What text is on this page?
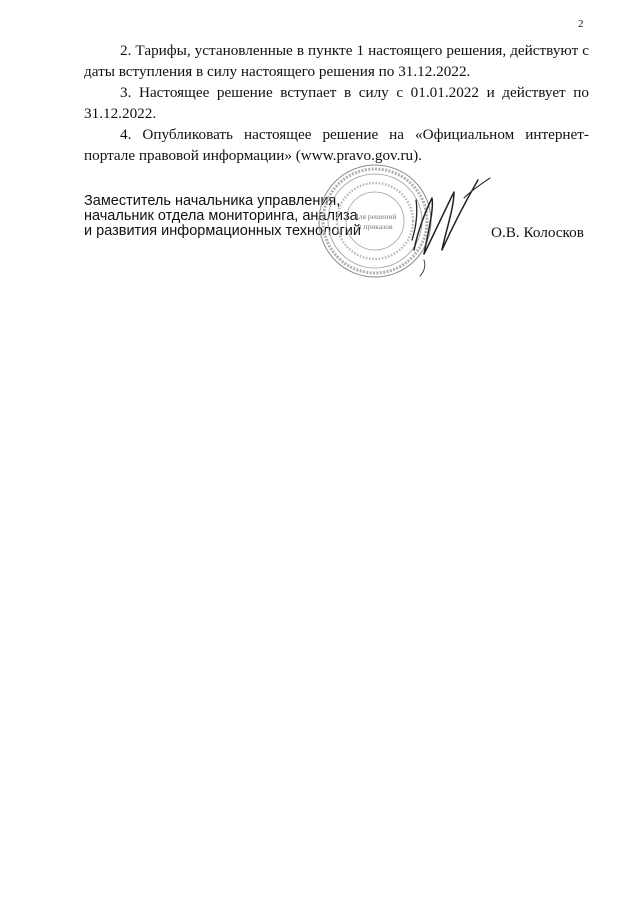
2

2. Тарифы, установленные в пункте 1 настоящего решения, действуют с даты вступления в силу настоящего решения по 31.12.2022.

3. Настоящее решение вступает в силу с 01.01.2022 и действует по 31.12.2022.

4. Опубликовать настоящее решение на «Официальном интернет-портале правовой информации» (www.pravo.gov.ru).

Заместитель начальника управления,
начальник отдела мониторинга, анализа
и развития информационных технологий
Для решений
и приказов	О.В. Колосков
